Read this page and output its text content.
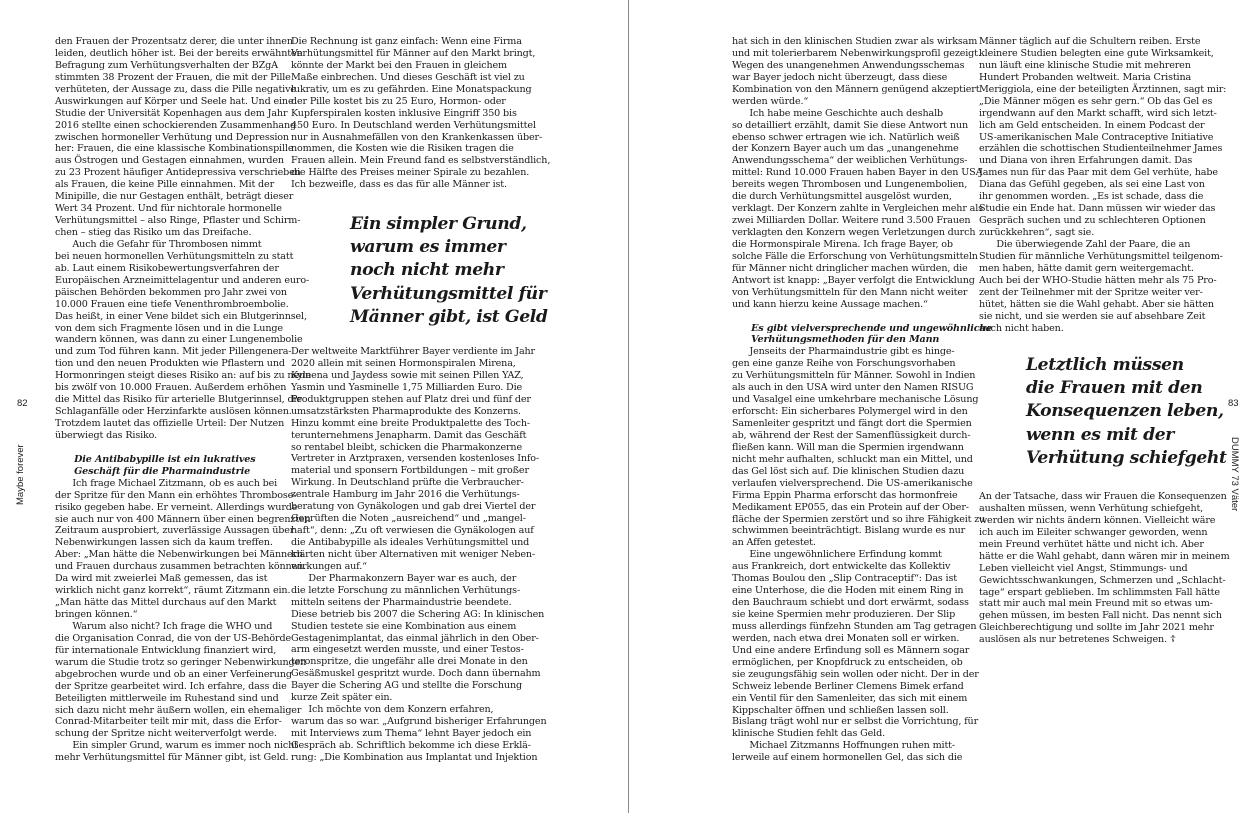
82
Maybe forever
den Frauen der Prozentsatz derer, die unter ihnen
leiden, deutlich höher ist. Bei der bereits erwähnten
Befragung zum Verhütungsverhalten der BZgA
stimmten 38 Prozent der Frauen, die mit der Pille
verhüteten, der Aussage zu, dass die Pille negative
Auswirkungen auf Körper und Seele hat. Und eine
Studie der Universität Kopenhagen aus dem Jahr
2016 stellte einen schockierenden Zusammenhang
zwischen hormoneller Verhütung und Depression
her: Frauen, die eine klassische Kombinationspille
aus Östrogen und Gestagen einnahmen, wurden
zu 23 Prozent häufiger Antidepressiva verschrieben
als Frauen, die keine Pille einnahmen. Mit der
Minipille, die nur Gestagen enthält, beträgt dieser
Wert 34 Prozent. Und für nichtorale hormonelle
Verhütungsmittel – also Ringe, Pflaster und Schirm-
chen – stieg das Risiko um das Dreifache.
Auch die Gefahr für Thrombosen nimmt
bei neuen hormonellen Verhütungsmitteln zu statt
ab. Laut einem Risikobewertungsverfahren der
Europäischen Arzneimittelagentur und anderen euro-
päischen Behörden bekommen pro Jahr zwei von
10.000 Frauen eine tiefe Venenthrombroembolie.
Das heißt, in einer Vene bildet sich ein Blutgerinnsel,
von dem sich Fragmente lösen und in die Lunge
wandern können, was dann zu einer Lungenembolie
und zum Tod führen kann. Mit jeder Pillengenera-
tion und den neuen Produkten wie Pflastern und
Hormonringen steigt dieses Risiko an: auf bis zu neun
bis zwölf von 10.000 Frauen. Außerdem erhöhen
die Mittel das Risiko für arterielle Blutgerinnsel, die
Schlaganfälle oder Herzinfarkte auslösen können.
Trotzdem lautet das offizielle Urteil: Der Nutzen
überwiegt das Risiko.
Die Antibabypille ist ein lukratives
Geschäft für die Pharmaindustrie
Ich frage Michael Zitzmann, ob es auch bei
der Spritze für den Mann ein erhöhtes Thrombose-
risiko gegeben habe. Er verneint. Allerdings wurde
sie auch nur von 400 Männern über einen begrenzten
Zeitraum ausprobiert, zuverlässige Aussagen über
Nebenwirkungen lassen sich da kaum treffen.
Aber: „Man hätte die Nebenwirkungen bei Männern
und Frauen durchaus zusammen betrachten können.
Da wird mit zweierlei Maß gemessen, das ist
wirklich nicht ganz korrekt“, räumt Zitzmann ein.
„Man hätte das Mittel durchaus auf den Markt
bringen können.“
Warum also nicht? Ich frage die WHO und
die Organisation Conrad, die von der US-Behörde
für internationale Entwicklung finanziert wird,
warum die Studie trotz so geringer Nebenwirkungen
abgebrochen wurde und ob an einer Verfeinerung
der Spritze gearbeitet wird. Ich erfahre, dass die
Beteiligten mittlerweile im Ruhestand sind und
sich dazu nicht mehr äußern wollen, ein ehemaliger
Conrad-Mitarbeiter teilt mir mit, dass die Erfor-
schung der Spritze nicht weiterverfolgt werde.
Ein simpler Grund, warum es immer noch nicht
mehr Verhütungsmittel für Männer gibt, ist Geld.
Die Rechnung ist ganz einfach: Wenn eine Firma
Verhütungsmittel für Männer auf den Markt bringt,
könnte der Markt bei den Frauen in gleichem
Maße einbrechen. Und dieses Geschäft ist viel zu
lukrativ, um es zu gefährden. Eine Monatspackung
der Pille kostet bis zu 25 Euro, Hormon- oder
Kupferspiralen kosten inklusive Eingriff 350 bis
450 Euro. In Deutschland werden Verhütungsmittel
nur in Ausnahmefällen von den Krankenkassen über-
nommen, die Kosten wie die Risiken tragen die
Frauen allein. Mein Freund fand es selbstverständlich,
die Hälfte des Preises meiner Spirale zu bezahlen.
Ich bezweifle, dass es das für alle Männer ist.
Ein simpler Grund,
warum es immer
noch nicht mehr
Verhütungsmittel für
Männer gibt, ist Geld
Der weltweite Marktführer Bayer verdiente im Jahr
2020 allein mit seinen Hormonspiralen Mirena,
Kyleena und Jaydess sowie mit seinen Pillen YAZ,
Yasmin und Yasminelle 1,75 Milliarden Euro. Die
Produktgruppen stehen auf Platz drei und fünf der
umsatzstärksten Pharmaprodukte des Konzerns.
Hinzu kommt eine breite Produktpalette des Toch-
terunternehmens Jenapharm. Damit das Geschäft
so rentabel bleibt, schicken die Pharmakonzerne
Vertreter in Arztpraxen, versenden kostenloses Info-
material und sponsern Fortbildungen – mit großer
Wirkung. In Deutschland prüfte die Verbraucher-
zentrale Hamburg im Jahr 2016 die Verhütungs-
beratung von Gynäkologen und gab drei Viertel der
Geprüften die Noten „ausreichend“ und „mangel-
haft“, denn: „Zu oft verwiesen die Gynäkologen auf
die Antibabypille als ideales Verhütungsmittel und
klärten nicht über Alternativen mit weniger Neben-
wirkungen auf.“
Der Pharmakonzern Bayer war es auch, der
die letzte Forschung zu männlichen Verhütungs-
mitteln seitens der Pharmaindustrie beendete.
Diese betrieb bis 2007 die Schering AG: In klinischen
Studien testete sie eine Kombination aus einem
Gestagenimplantat, das einmal jährlich in den Ober-
arm eingesetzt werden musste, und einer Testos-
teronspritze, die ungefähr alle drei Monate in den
Gesäßmuskel gespritzt wurde. Doch dann übernahm
Bayer die Schering AG und stellte die Forschung
kurze Zeit später ein.
Ich möchte von dem Konzern erfahren,
warum das so war. „Aufgrund bisheriger Erfahrungen
mit Interviews zum Thema“ lehnt Bayer jedoch ein
Gespräch ab. Schriftlich bekomme ich diese Erklä-
rung: „Die Kombination aus Implantat und Injektion
83
DUMMY 73 Väter
hat sich in den klinischen Studien zwar als wirksam
und mit tolerierbarem Nebenwirkungsprofil gezeigt.
Wegen des unangenehmen Anwendungsschemas
war Bayer jedoch nicht überzeugt, dass diese
Kombination von den Männern genügend akzeptiert
werden würde.“
Ich habe meine Geschichte auch deshalb
so detailliert erzählt, damit Sie diese Antwort nun
ebenso schwer ertragen wie ich. Natürlich weiß
der Konzern Bayer auch um das „unangenehme
Anwendungsschema“ der weiblichen Verhütungs-
mittel: Rund 10.000 Frauen haben Bayer in den USA
bereits wegen Thrombosen und Lungenembolien,
die durch Verhütungsmittel ausgelöst wurden,
verklagt. Der Konzern zahlte in Vergleichen mehr als
zwei Milliarden Dollar. Weitere rund 3.500 Frauen
verklagten den Konzern wegen Verletzungen durch
die Hormonspirale Mirena. Ich frage Bayer, ob
solche Fälle die Erforschung von Verhütungsmitteln
für Männer nicht dringlicher machen würden, die
Antwort ist knapp: „Bayer verfolgt die Entwicklung
von Verhütungsmitteln für den Mann nicht weiter
und kann hierzu keine Aussage machen.“
Es gibt vielversprechende und ungewöhnliche
Verhütungsmethoden für den Mann
Jenseits der Pharmaindustrie gibt es hinge-
gen eine ganze Reihe von Forschungsvorhaben
zu Verhütungsmitteln für Männer. Sowohl in Indien
als auch in den USA wird unter den Namen RISUG
und Vasalgel eine umkehrbare mechanische Lösung
erforscht: Ein sicherbares Polymergel wird in den
Samenleiter gespritzt und fängt dort die Spermien
ab, während der Rest der Samenflüssigkeit durch-
fließen kann. Will man die Spermien irgendwann
nicht mehr aufhalten, schluckt man ein Mittel, und
das Gel löst sich auf. Die klinischen Studien dazu
verlaufen vielversprechend. Die US-amerikanische
Firma Eppin Pharma erforscht das hormonfreie
Medikament EP055, das ein Protein auf der Ober-
fläche der Spermien zerstört und so ihre Fähigkeit zu
schwimmen beeinträchtigt. Bislang wurde es nur
an Affen getestet.
Eine ungewöhnlichere Erfindung kommt
aus Frankreich, dort entwickelte das Kollektiv
Thomas Boulou den „Slip Contraceptif“: Das ist
eine Unterhose, die die Hoden mit einem Ring in
den Bauchraum schiebt und dort erwärmt, sodass
sie keine Spermien mehr produzieren. Der Slip
muss allerdings fünfzehn Stunden am Tag getragen
werden, nach etwa drei Monaten soll er wirken.
Und eine andere Erfindung soll es Männern sogar
ermöglichen, per Knopfdruck zu entscheiden, ob
sie zeugungsfähig sein wollen oder nicht. Der in der
Schweiz lebende Berliner Clemens Bimek erfand
ein Ventil für den Samenleiter, das sich mit einem
Kippschalter öffnen und schließen lassen soll.
Bislang trägt wohl nur er selbst die Vorrichtung, für
klinische Studien fehlt das Geld.
Michael Zitzmanns Hoffnungen ruhen mitt-
lerweile auf einem hormonellen Gel, das sich die
Männer täglich auf die Schultern reiben. Erste
kleinere Studien belegten eine gute Wirksamkeit,
nun läuft eine klinische Studie mit mehreren
Hundert Probanden weltweit. Maria Cristina
Meriggiola, eine der beteiligten Ärztinnen, sagt mir:
„Die Männer mögen es sehr gern.“ Ob das Gel es
irgendwann auf den Markt schafft, wird sich letzt-
lich am Geld entscheiden. In einem Podcast der
US-amerikanischen Male Contraceptive Initiative
erzählen die schottischen Studienteilnehmer James
und Diana von ihren Erfahrungen damit. Das
James nun für das Paar mit dem Gel verhüte, habe
Diana das Gefühl gegeben, als sei eine Last von
ihr genommen worden. „Es ist schade, dass die
Studie ein Ende hat. Dann müssen wir wieder das
Gespräch suchen und zu schlechteren Optionen
zurückkehren“, sagt sie.
Die überwiegende Zahl der Paare, die an
Studien für männliche Verhütungsmittel teilgenom-
men haben, hätte damit gern weitergemacht.
Auch bei der WHO-Studie hätten mehr als 75 Pro-
zent der Teilnehmer mit der Spritze weiter ver-
hütet, hätten sie die Wahl gehabt. Aber sie hätten
sie nicht, und sie werden sie auf absehbare Zeit
auch nicht haben.
Letztlich müssen
die Frauen mit den
Konsequenzen leben,
wenn es mit der
Verhütung schiefgeht
An der Tatsache, dass wir Frauen die Konsequenzen
aushalten müssen, wenn Verhütung schiefgeht,
werden wir nichts ändern können. Vielleicht wäre
ich auch im Eileiter schwanger geworden, wenn
mein Freund verhütet hätte und nicht ich. Aber
hätte er die Wahl gehabt, dann wären mir in meinem
Leben vielleicht viel Angst, Stimmungs- und
Gewichtsschwankungen, Schmerzen und „Schlacht-
tage“ erspart geblieben. Im schlimmsten Fall hätte
statt mir auch mal mein Freund mit so etwas um-
gehen müssen, im besten Fall nicht. Das nennt sich
Gleichberechtigung und sollte im Jahr 2021 mehr
auslösen als nur betretenes Schweigen. ☦
